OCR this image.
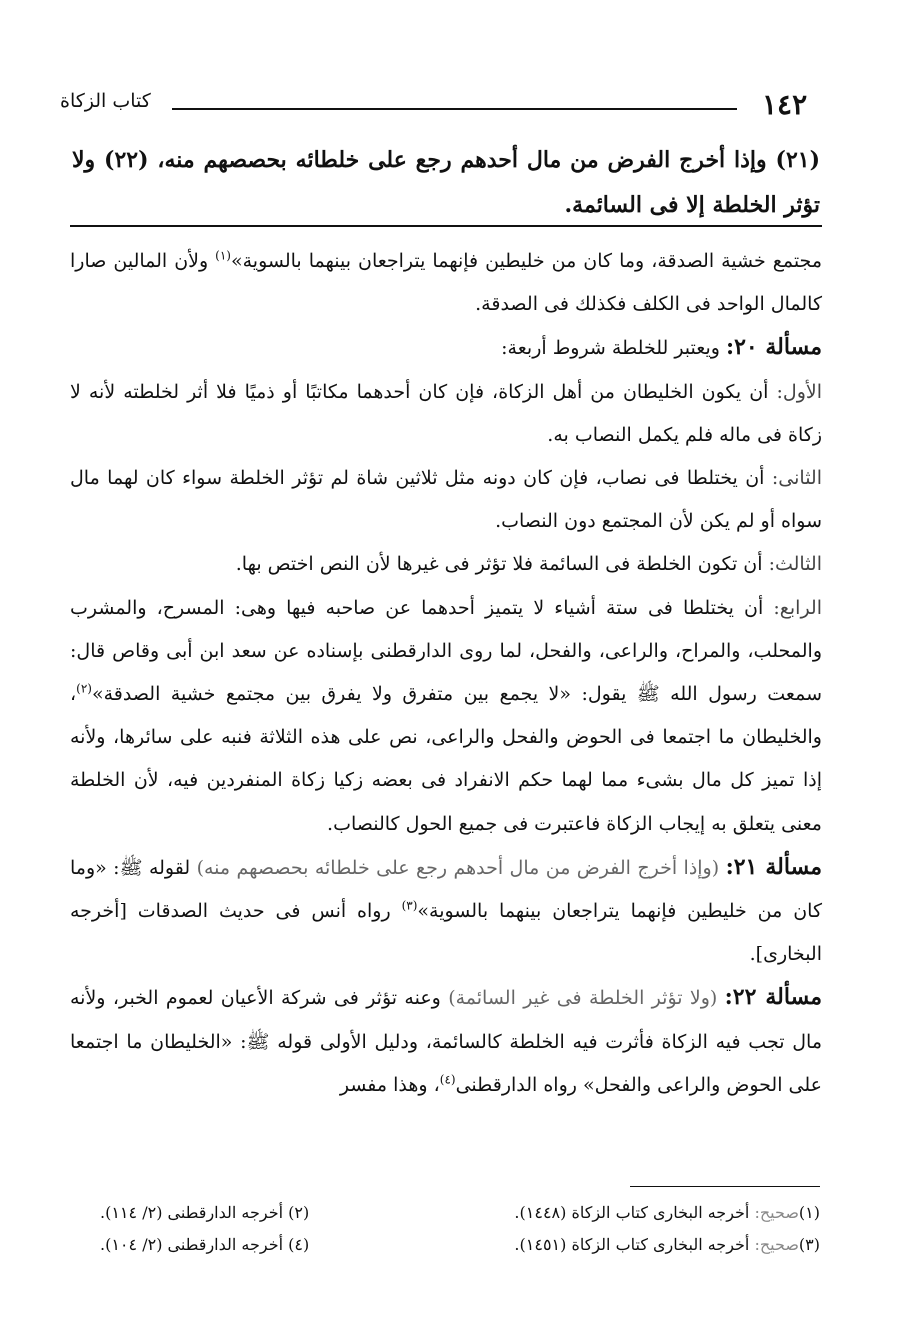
١٤٢
كتاب الزكاة
(٢١) وإذا أخرج الفرض من مال أحدهم رجع على خلطائه بحصصهم منه، (٢٢) ولا تؤثر الخلطة إلا فى السائمة.

مجتمع خشية الصدقة، وما كان من خليطين فإنهما يتراجعان بينهما بالسوية»$^{(١)}$ ولأن المالين صارا كالمال الواحد فى الكلف فكذلك فى الصدقة.

مسألة ٢٠: ويعتبر للخلطة شروط أربعة:

الأول: أن يكون الخليطان من أهل الزكاة، فإن كان أحدهما مكاتبًا أو ذميًا فلا أثر لخلطته لأنه لا زكاة فى ماله فلم يكمل النصاب به.

الثانى: أن يختلطا فى نصاب، فإن كان دونه مثل ثلاثين شاة لم تؤثر الخلطة سواء كان لهما مال سواه أو لم يكن لأن المجتمع دون النصاب.

الثالث: أن تكون الخلطة فى السائمة فلا تؤثر فى غيرها لأن النص اختص بها.

الرابع: أن يختلطا فى ستة أشياء لا يتميز أحدهما عن صاحبه فيها وهى: المسرح، والمشرب والمحلب، والمراح، والراعى، والفحل، لما روى الدارقطنى بإسناده عن سعد ابن أبى وقاص قال: سمعت رسول الله ﷺ يقول: «لا يجمع بين متفرق ولا يفرق بين مجتمع خشية الصدقة»$^{(٢)}$، والخليطان ما اجتمعا فى الحوض والفحل والراعى، نص على هذه الثلاثة فنبه على سائرها، ولأنه إذا تميز كل مال بشىء مما لهما حكم الانفراد فى بعضه زكيا زكاة المنفردين فيه، لأن الخلطة معنى يتعلق به إيجاب الزكاة فاعتبرت فى جميع الحول كالنصاب.

مسألة ٢١: (وإذا أخرج الفرض من مال أحدهم رجع على خلطائه بحصصهم منه) لقوله ﷺ: «وما كان من خليطين فإنهما يتراجعان بينهما بالسوية»$^{(٣)}$ رواه أنس فى حديث الصدقات [أخرجه البخارى].

مسألة ٢٢: (ولا تؤثر الخلطة فى غير السائمة) وعنه تؤثر فى شركة الأعيان لعموم الخبر، ولأنه مال تجب فيه الزكاة فأثرت فيه الخلطة كالسائمة، ودليل الأولى قوله ﷺ: «الخليطان ما اجتمعا على الحوض والراعى والفحل» رواه الدارقطنى$^{(٤)}$، وهذا مفسر

(١)صحيح: أخرجه البخارى كتاب الزكاة (١٤٤٨).
(٢) أخرجه الدارقطنى (٢/ ١١٤).
(٣)صحيح: أخرجه البخارى كتاب الزكاة (١٤٥١).
(٤) أخرجه الدارقطنى (٢/ ١٠٤).
